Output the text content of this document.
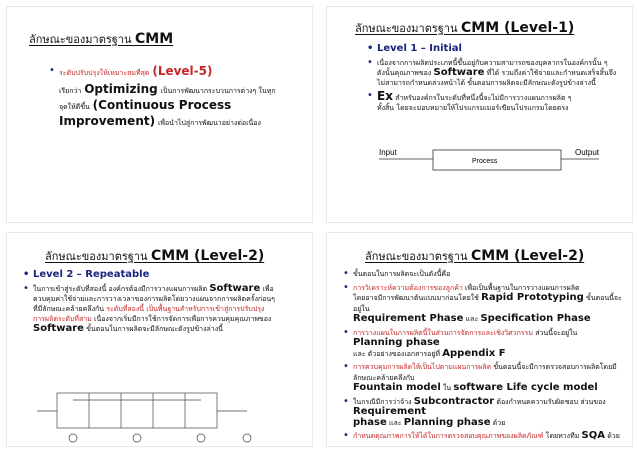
ลักษณะของมาตรฐาน CMM
• ระดับปรับปรุงให้เหมาะสมที่สุด (Level-5)
เรียกว่า Optimizing เป็นการพัฒนากระบวนการต่างๆ ในทุก
จุดให้ดีขึ้น (Continuous Process
Improvement) เพื่อนำไปสู่การพัฒนาอย่างต่อเนื่อง
ลักษณะของมาตรฐาน CMM (Level-1)
• Level 1 – Initial
• เนื่องจากการผลิตประเภทนี้ขึ้นอยู่กับความสามารถของบุคลากรในองค์กรนั้น ๆ
ดังนั้นคุณภาพของ Software ที่ได้ รวมถึงค่าใช้จ่ายและกำหนดเสร็จสิ้นจึง
ไม่สามารถกำหนดล่วงหน้าได้ ขั้นตอนการผลิตจะมีลักษณะดังรูปข้างล่างนี้
• Ex สำหรับองค์กรในระดับที่หนึ่งนี้จะไม่มีการวางแผนการผลิต ๆ
ทั้งสิ้น โดยจะมอบหมายให้โปรแกรมเมอร์เขียนโปรแกรมโดยตรง
Input
Process
Output
ลักษณะของมาตรฐาน CMM (Level-2)
• Level 2 – Repeatable
• ในการเข้าสู่ระดับที่สองนี้ องค์กรต้องมีการวางแผนการผลิต Software เพื่อ
ควบคุมค่าใช้จ่ายและการวางเวลาของการผลิตโดยวางแผนจากการผลิตครั้งก่อนๆ
ที่มีลักษณะคล้ายคลึงกัน ระดับที่สองนี้ เป็นพื้นฐานสำหรับการเข้าสู่การปรับปรุง
การผลิตระดับที่สาม เนื่องจากเริ่มมีการใช้การจัดการเพื่อการควบคุมคุณภาพของ
Software ขั้นตอนในการผลิตจะมีลักษณะดังรูปข้างล่างนี้
ลักษณะของมาตรฐาน CMM (Level-2)
• ขั้นตอนในการผลิตจะเป็นดังนี้คือ
• การวิเคราะห์ความต้องการของลูกค้า เพื่อเป็นพื้นฐานในการวางแผนการผลิต
โดยอาจมีการพัฒนาต้นแบบมาก่อนโดยใช้ Rapid Prototyping ขั้นตอนนี้จะอยู่ใน
Requirement Phase และ Specification Phase
• การวางแผนในการผลิตนี้ในส่วนการจัดการและเชิงวิศวกรรม ส่วนนี้จะอยู่ใน Planning phase
และ ตัวอย่างของเอกสารอยู่ที่ Appendix F
• การควบคุมการผลิตให้เป็นไปตามแผนการผลิต ขั้นตอนนี้จะมีการตรวจสอบการผลิตโดยมีลักษณะคล้ายคลึงกับ
Fountain model ใน software Life cycle model
• ในกรณีมีการว่าจ้าง Subcontractor ต้องกำหนดความรับผิดชอบ ส่วนของ Requirement
phase และ Planning phase ด้วย
• กำหนดคุณภาพการให้ได้ในการตรวจสอบคุณภาพของผลิตภัณฑ์ โดยทางทีม SQA ด้วย
